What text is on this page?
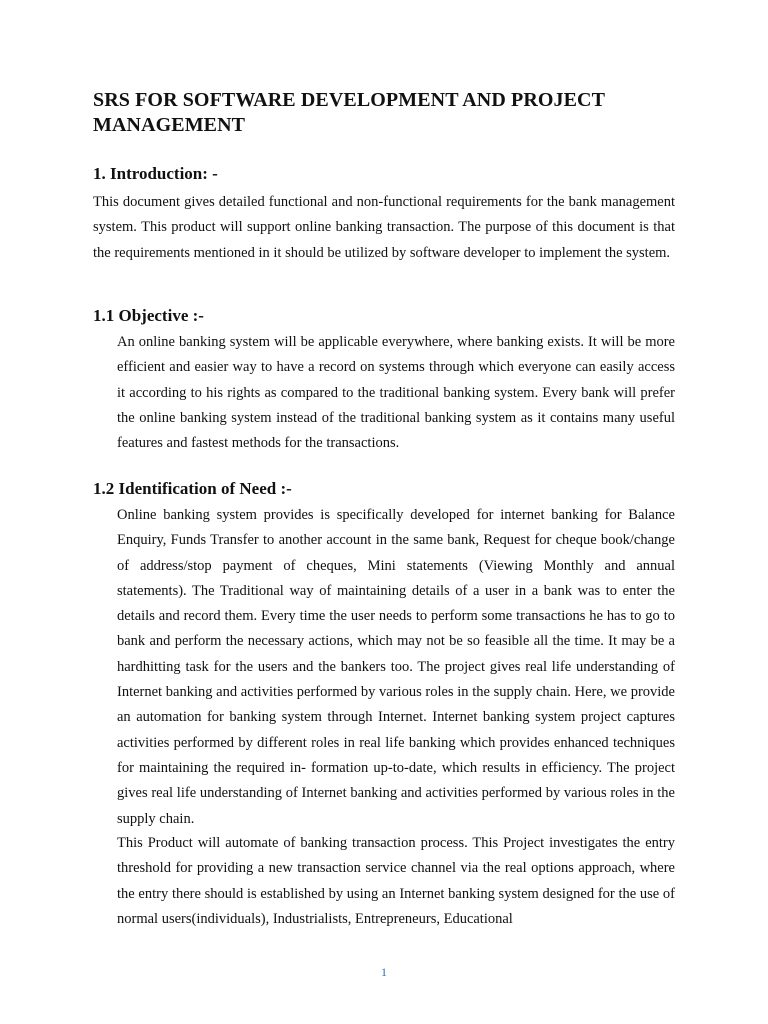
SRS FOR SOFTWARE DEVELOPMENT AND PROJECT MANAGEMENT
1. Introduction: -

This document gives detailed functional and non-functional requirements for the bank management system. This product will support online banking transaction. The purpose of this document is that the requirements mentioned in it should be utilized by software developer to implement the system.

1.1 Objective :-

An online banking system will be applicable everywhere, where banking exists. It will be more efficient and easier way to have a record on systems through which everyone can easily access it according to his rights as compared to the traditional banking system. Every bank will prefer the online banking system instead of the traditional banking system as it contains many useful features and fastest methods for the transactions.

1.2 Identification of Need :-

Online banking system provides is specifically developed for internet banking for Balance Enquiry, Funds Transfer to another account in the same bank, Request for cheque book/change of address/stop payment of cheques, Mini statements (Viewing Monthly and annual statements). The Traditional way of maintaining details of a user in a bank was to enter the details and record them. Every time the user needs to perform some transactions he has to go to bank and perform the necessary actions, which may not be so feasible all the time. It may be a hardhitting task for the users and the bankers too. The project gives real life understanding of Internet banking and activities performed by various roles in the supply chain. Here, we provide an automation for banking system through Internet. Internet banking system project captures activities performed by different roles in real life banking which provides enhanced techniques for maintaining the required in- formation up-to-date, which results in efficiency. The project gives real life understanding of Internet banking and activities performed by various roles in the supply chain.

This Product will automate of banking transaction process. This Project investigates the entry threshold for providing a new transaction service channel via the real options approach, where the entry there should is established by using an Internet banking system designed for the use of normal users(individuals), Industrialists, Entrepreneurs, Educational

1
